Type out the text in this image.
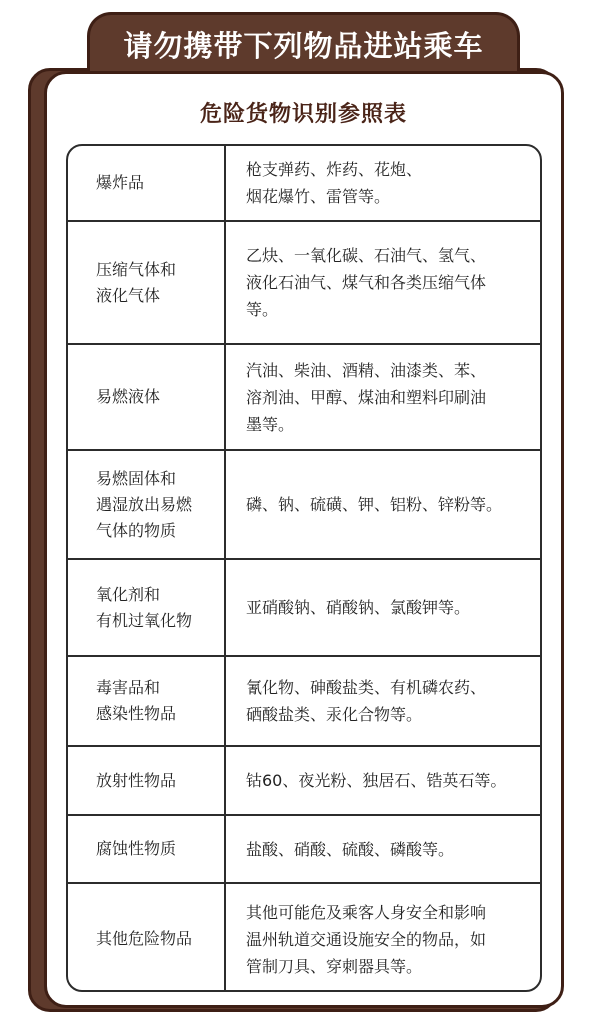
请勿携带下列物品进站乘车
危险货物识别参照表
爆炸品
枪支弹药、炸药、花炮、
烟花爆竹、雷管等。
压缩气体和
液化气体
乙炔、一氧化碳、石油气、氢气、
液化石油气、煤气和各类压缩气体
等。
易燃液体
汽油、柴油、酒精、油漆类、苯、
溶剂油、甲醇、煤油和塑料印刷油
墨等。
易燃固体和
遇湿放出易燃
气体的物质
磷、钠、硫磺、钾、铝粉、锌粉等。
氧化剂和
有机过氧化物
亚硝酸钠、硝酸钠、氯酸钾等。
毒害品和
感染性物品
氰化物、砷酸盐类、有机磷农药、
硒酸盐类、汞化合物等。
放射性物品	钴60、夜光粉、独居石、锆英石等。
腐蚀性物质	盐酸、硝酸、硫酸、磷酸等。
其他危险物品
其他可能危及乘客人身安全和影响
温州轨道交通设施安全的物品，如
管制刀具、穿刺器具等。
